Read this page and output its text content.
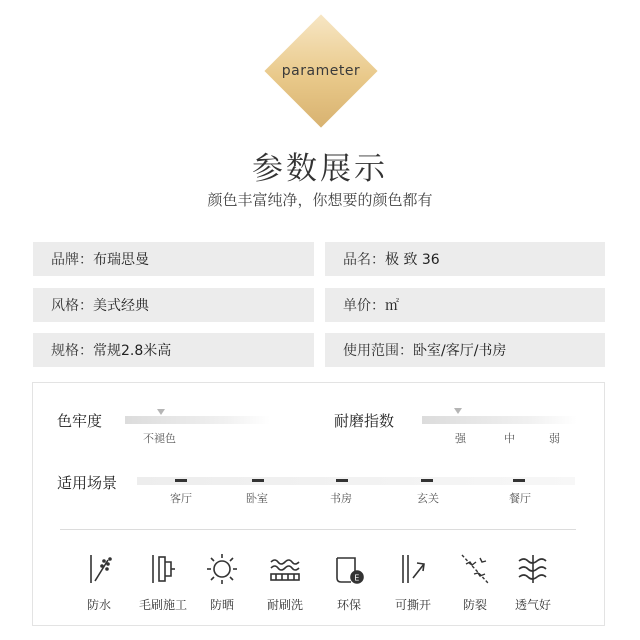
parameter
参数展示
颜色丰富纯净，你想要的颜色都有
品牌： 布瑞思曼	品名： 极 致 36
风格： 美式经典	单价： ㎡
规格： 常规2.8米高	使用范围： 卧室/客厅/书房
色牢度
不褪色
耐磨指数
强	中	弱
适用场景
客厅	卧室	书房	玄关	餐厅
E
防水	毛刷施工	防晒	耐刷洗	环保	可撕开	防裂	透气好
